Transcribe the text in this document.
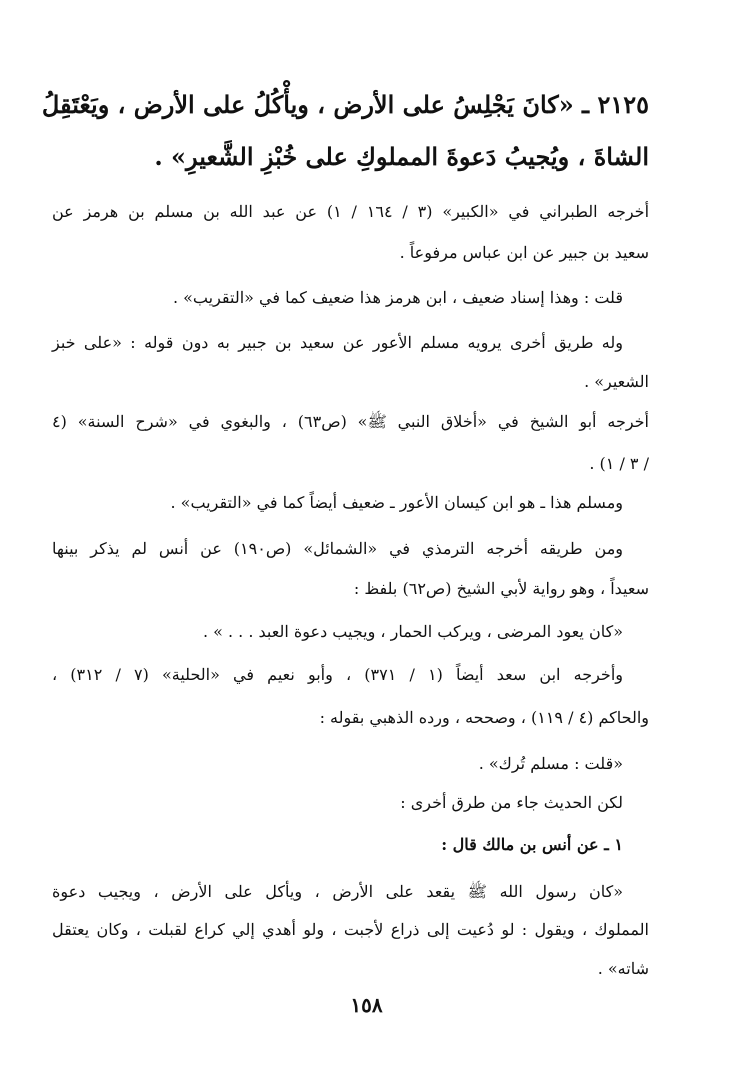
٢١٢٥ ـ «كانَ يَجْلِسُ على الأرض ، ويأْكُلُ على الأرض ، ويَعْتَقِلُ
الشاةَ ، ويُجيبُ دَعوةَ المملوكِ على خُبْزِ الشَّعيرِ» .
أخرجه الطبراني في «الكبير» (٣ / ١٦٤ / ١) عن عبد الله بن مسلم بن هرمز عن
سعيد بن جبير عن ابن عباس مرفوعاً .
قلت : وهذا إسناد ضعيف ، ابن هرمز هذا ضعيف كما في «التقريب» .
وله طريق أخرى يرويه مسلم الأعور عن سعيد بن جبير به دون قوله : «على خبز
الشعير» .
أخرجه أبو الشيخ في «أخلاق النبي ﷺ» (ص٦٣) ، والبغوي في «شرح السنة» (٤
/ ٣ / ١) .
ومسلم هذا ـ هو ابن كيسان الأعور ـ ضعيف أيضاً كما في «التقريب» .
ومن طريقه أخرجه الترمذي في «الشمائل» (ص١٩٠) عن أنس لم يذكر بينها
سعيداً ، وهو رواية لأبي الشيخ (ص٦٢) بلفظ :
«كان يعود المرضى ، ويركب الحمار ، ويجيب دعوة العبد . . . » .
وأخرجه ابن سعد أيضاً (١ / ٣٧١) ، وأبو نعيم في «الحلية» (٧ / ٣١٢) ،
والحاكم (٤ / ١١٩) ، وصححه ، ورده الذهبي بقوله :
«قلت : مسلم تُرك» .
لكن الحديث جاء من طرق أخرى :
١ ـ عن أنس بن مالك قال :
«كان رسول الله ﷺ يقعد على الأرض ، ويأكل على الأرض ، ويجيب دعوة
المملوك ، ويقول : لو دُعيت إلى ذراع لأجبت ، ولو أهدي إلي كراع لقبلت ، وكان يعتقل
شاته» .
١٥٨
